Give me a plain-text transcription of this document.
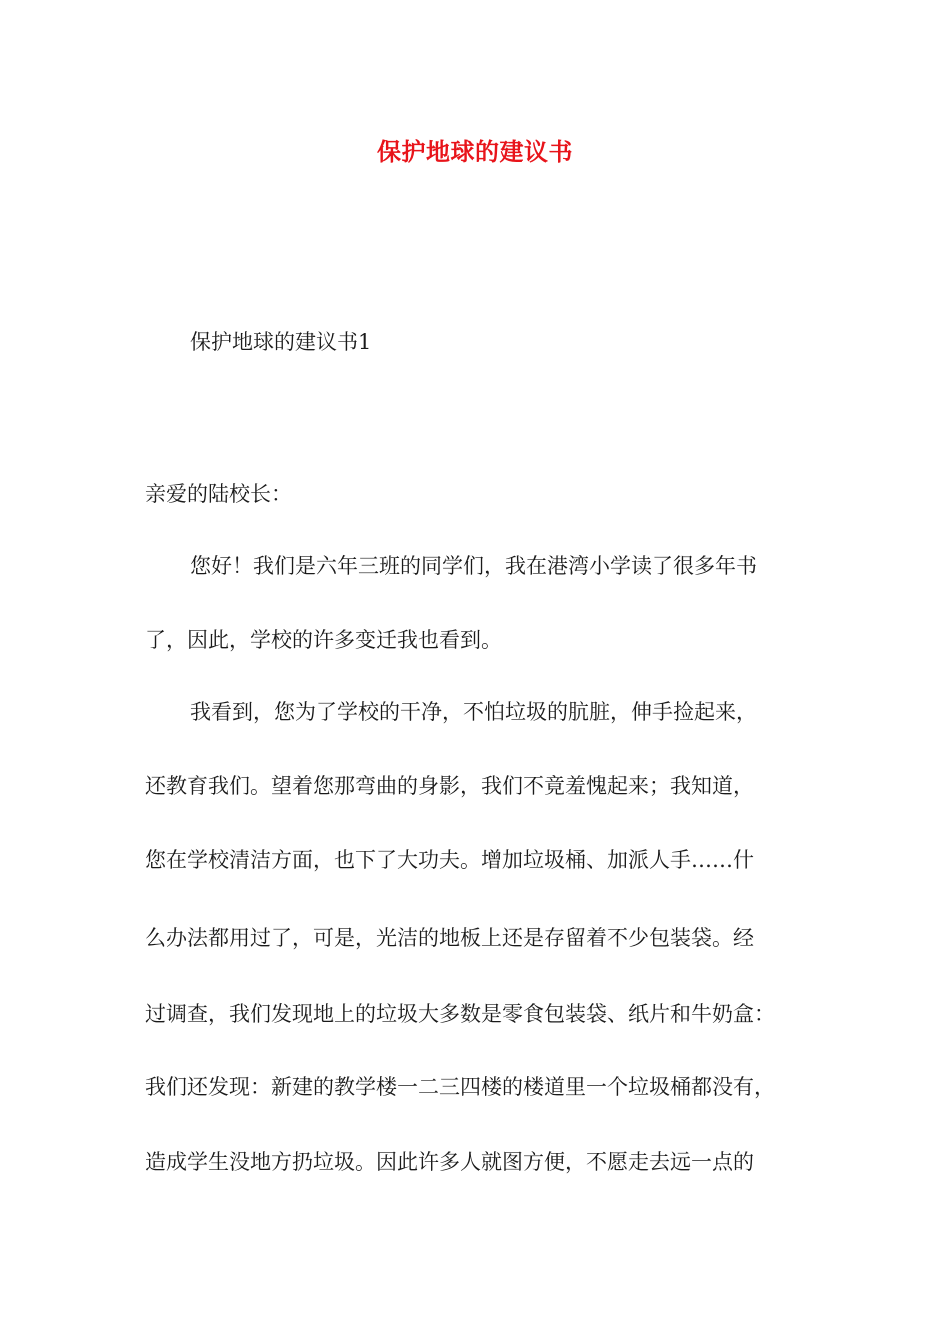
保护地球的建议书
保护地球的建议书1
亲爱的陆校长：
您好！我们是六年三班的同学们，我在港湾小学读了很多年书
了，因此，学校的许多变迁我也看到。
我看到，您为了学校的干净，不怕垃圾的肮脏，伸手捡起来，
还教育我们。望着您那弯曲的身影，我们不竟羞愧起来；我知道，
您在学校清洁方面，也下了大功夫。增加垃圾桶、加派人手……什
么办法都用过了，可是，光洁的地板上还是存留着不少包装袋。经
过调查，我们发现地上的垃圾大多数是零食包装袋、纸片和牛奶盒：
我们还发现：新建的教学楼一二三四楼的楼道里一个垃圾桶都没有，
造成学生没地方扔垃圾。因此许多人就图方便，不愿走去远一点的
